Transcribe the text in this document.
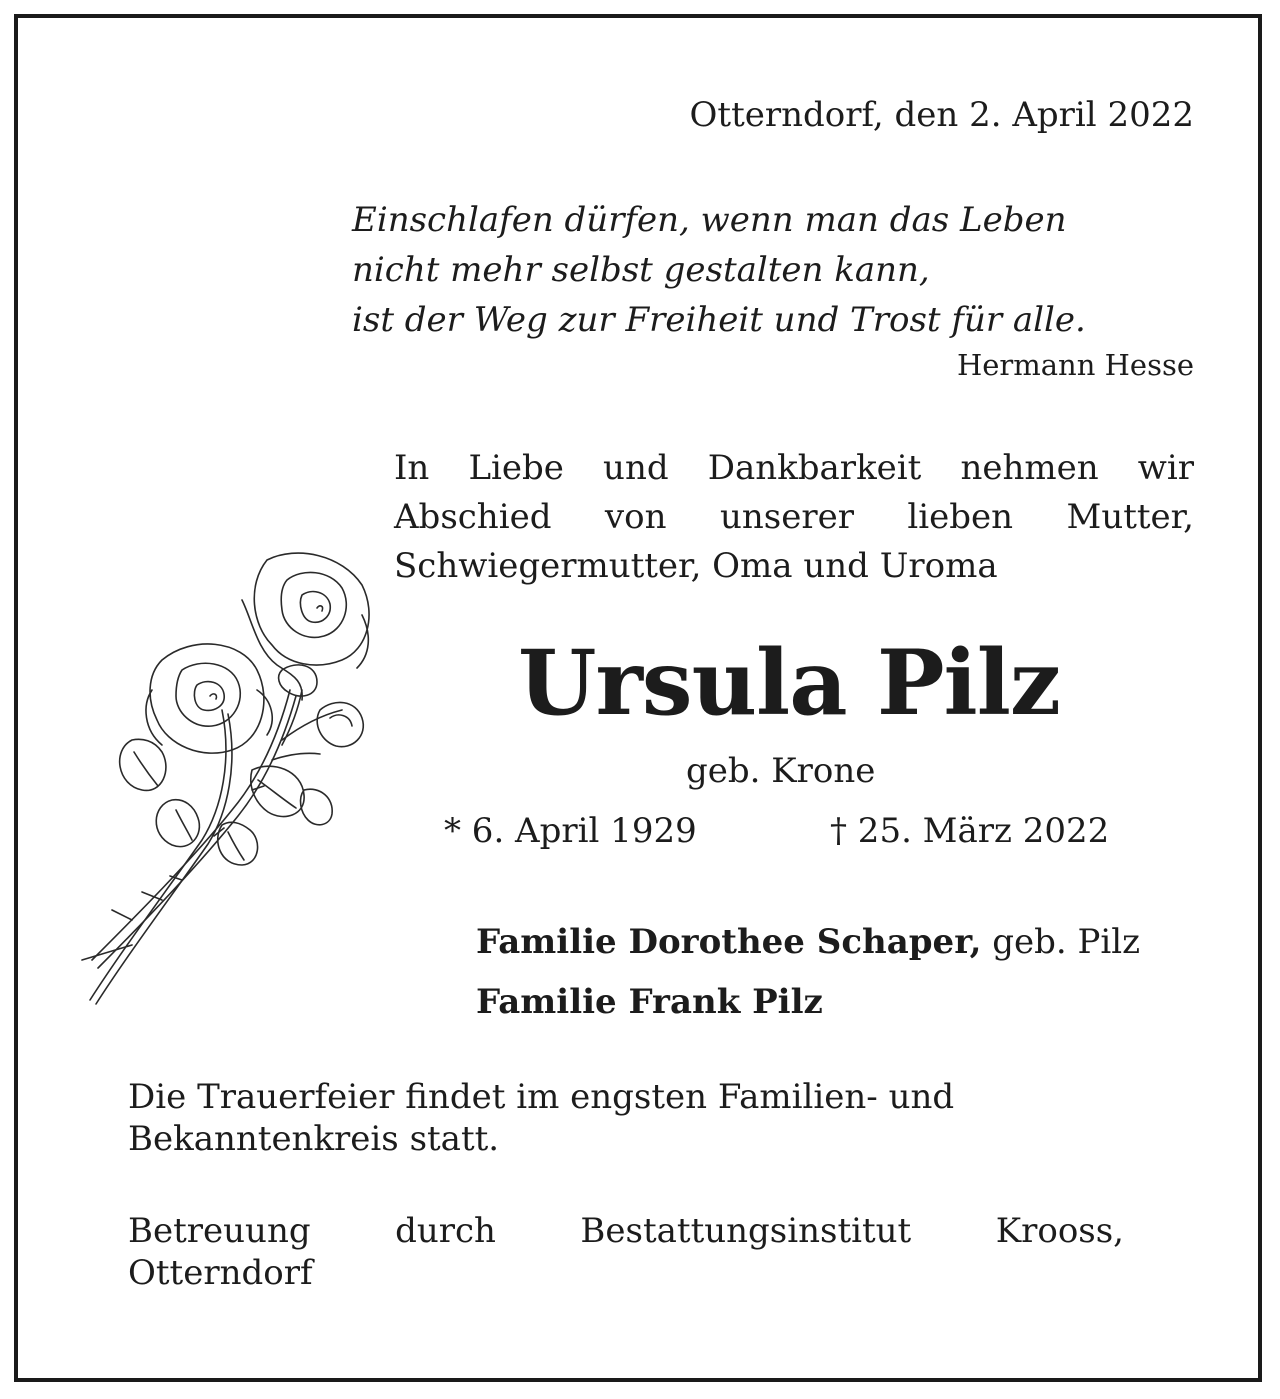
Otterndorf, den 2. April 2022
Einschlafen dürfen, wenn man das Leben
nicht mehr selbst gestalten kann,
ist der Weg zur Freiheit und Trost für alle.
Hermann Hesse
In Liebe und Dankbarkeit nehmen wir
Abschied von unserer lieben Mutter,
Schwiegermutter, Oma und Uroma
Ursula Pilz
geb. Krone
* 6. April 1929	† 25. März 2022
Familie Dorothee Schaper, geb. Pilz
Familie Frank Pilz
Die Trauerfeier findet im engsten Familien- und
Bekanntenkreis statt.
Betreuung durch Bestattungsinstitut Krooss,
Otterndorf
